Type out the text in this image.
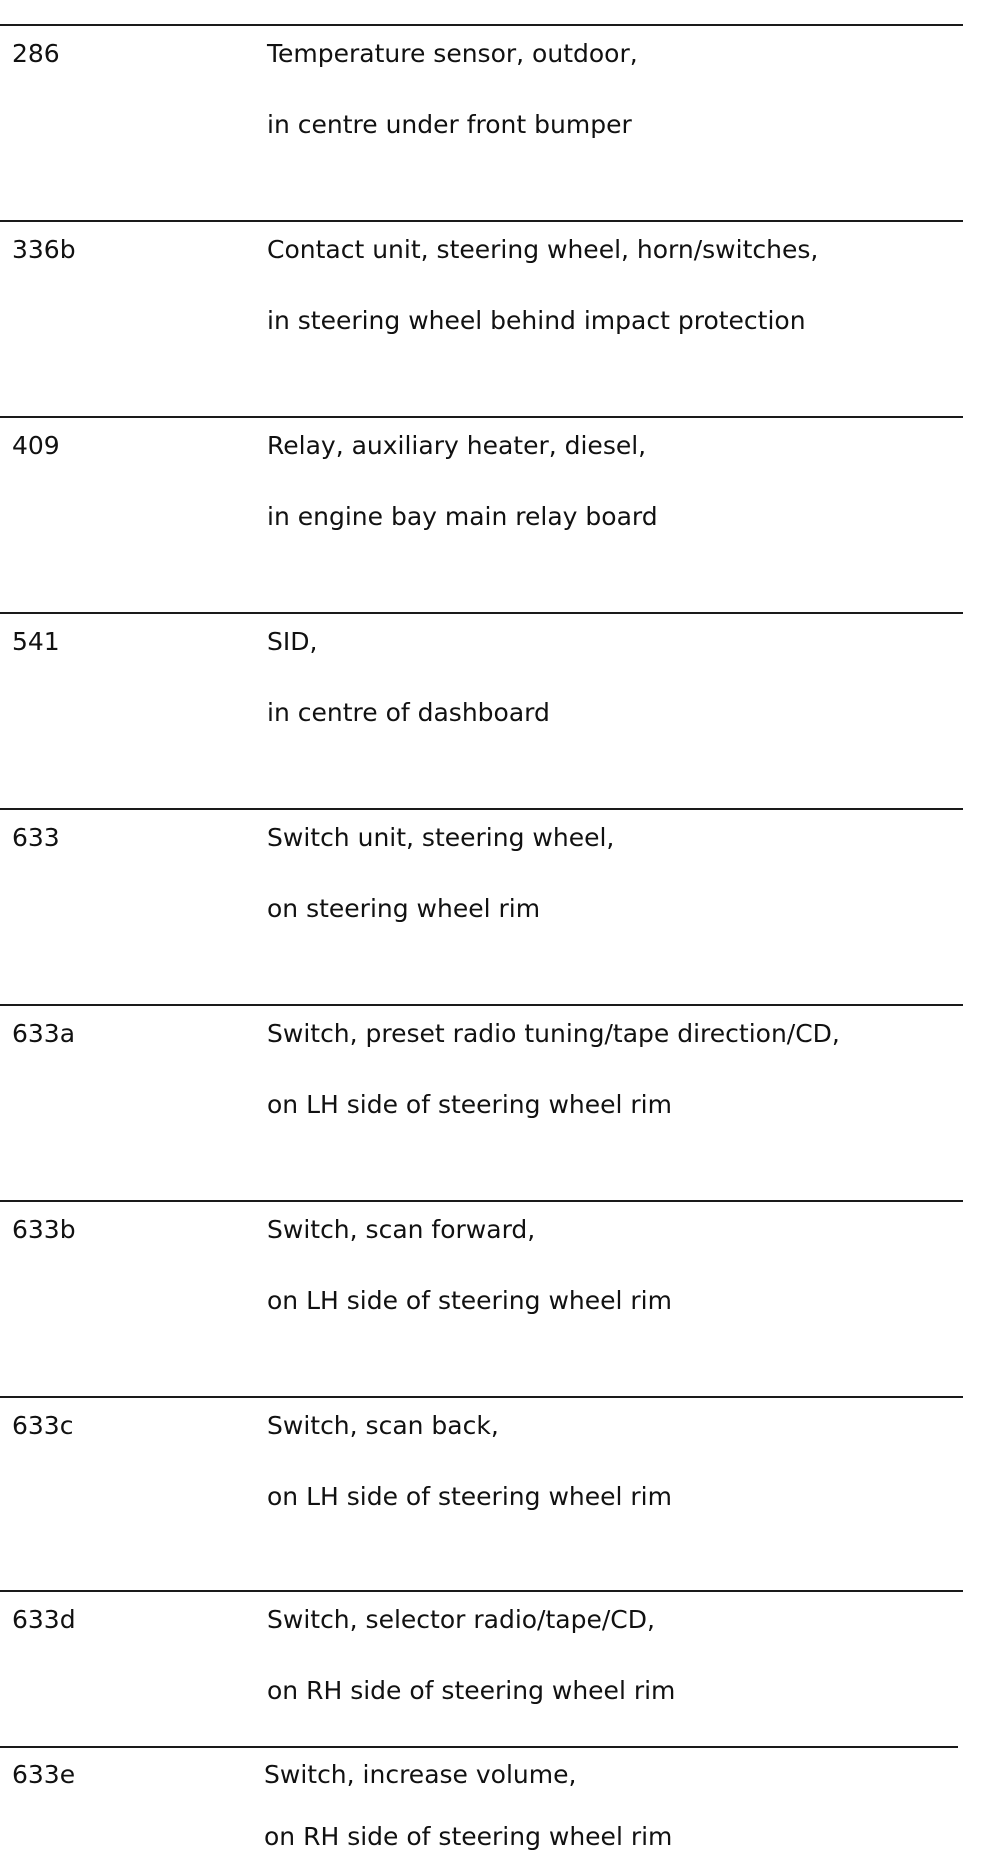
286	Temperature sensor, outdoor,
in centre under front bumper
336b	Contact unit, steering wheel, horn/switches,
in steering wheel behind impact protection
409	Relay, auxiliary heater, diesel,
in engine bay main relay board
541	SID,
in centre of dashboard
633	Switch unit, steering wheel,
on steering wheel rim
633a	Switch, preset radio tuning/tape direction/CD,
on LH side of steering wheel rim
633b	Switch, scan forward,
on LH side of steering wheel rim
633c	Switch, scan back,
on LH side of steering wheel rim
633d	Switch, selector radio/tape/CD,
on RH side of steering wheel rim
633e	Switch, increase volume,
on RH side of steering wheel rim
